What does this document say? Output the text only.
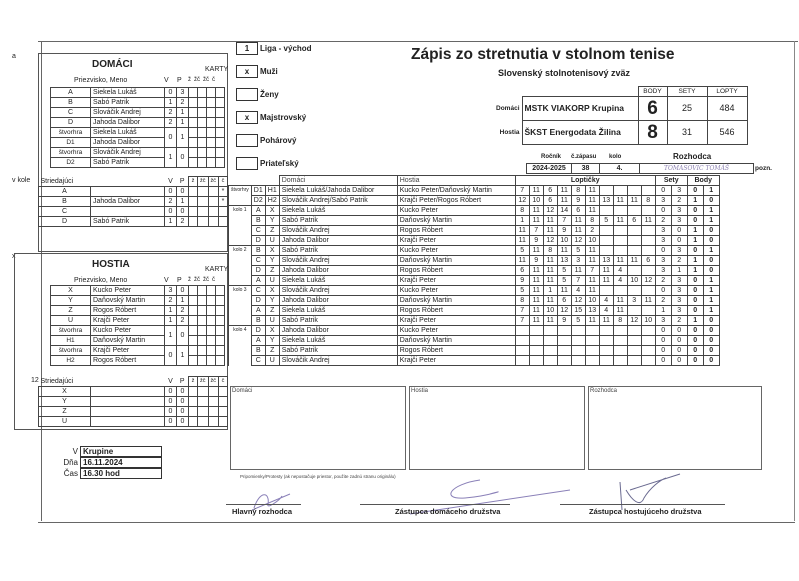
a
DOMÁCI
Priezvisko, Meno	V P
KARTY
ž žč žč č
A	Siekela Lukáš	0	3				
B	Sabó Patrik	1	2				
C	Slováčik Andrej	2	1				
D	Jahoda Dalibor	2	1				
štvorhra	Siekela Lukáš	0	1				
D1	Jahoda Dalibor						
štvorhra	Slováčik Andrej	1	0				
D2	Sabó Patrik						
v kole Striedajúci		V	P	ž	žč	žč	č
A		0	0				*
B	Jahoda Dalibor	2	1				*
C		0	0				
D	Sabó Patrik	1	2				
x
HOSTIA
Priezvisko, Meno	V P
KARTY
ž žč žč č
X	Kucko Peter	3	0				
Y	Daňovský Martin	2	1				
Z	Rogos Róbert	1	2				
U	Krajči Peter	1	2				
štvorhra	Kucko Peter	1	0				
H1	Daňovský Martin						
štvorhra	Krajči Peter	0	1				
H2	Rogos Róbert						
12 Striedajúci		V	P	ž	žč	žč	č
X		0	0				
Y		0	0				
Z		0	0				
U		0	0				
V Krupine
Dňa 16.11.2024
Čas 16.30 hod
1	Liga - východ
x	Muži
Ženy
x	Majstrovský
Pohárový
Priateľský
Zápis zo stretnutia v stolnom tenise
Slovenský stolnotenisový zväz
		BODY	SETY	LOPTY
Domáci	MSTK VIAKORP Krupina	6	25	484
Hostia	ŠKST Energodata Žilina	8	31	546
Ročník č.zápasu kolo	Rozhodca
2024-2025	38	4.	TOMASOVIC TOMÁŠ	pozn.
			Domáci	Hostia	Loptičky										Sety		Body	
štvorhry	D1	H1	Siekela Lukáš/Jahoda Dalibor	Kucko Peter/Daňovský Martin	7	11	6	11	8	11					0	3	0	1
	D2	H2	Slováčik Andrej/Sabó Patrik	Krajči Peter/Rogos Róbert	12	10	6	11	9	11	13	11	11	8	3	2	1	0
kolo 1	A	X	Siekela Lukáš	Kucko Peter	8	11	12	14	6	11					0	3	0	1
	B	Y	Sabó Patrik	Daňovský Martin	1	11	11	7	11	8	5	11	6	11	2	3	0	1
	C	Z	Slováčik Andrej	Rogos Róbert	11	7	11	9	11	2					3	0	1	0
	D	U	Jahoda Dalibor	Krajči Peter	11	9	12	10	12	10					3	0	1	0
kolo 2	B	X	Sabó Patrik	Kucko Peter	5	11	8	11	5	11					0	3	0	1
	C	Y	Slováčik Andrej	Daňovský Martin	11	9	11	13	3	11	13	11	11	6	3	2	1	0
	D	Z	Jahoda Dalibor	Rogos Róbert	6	11	11	5	11	7	11	4			3	1	1	0
	A	U	Siekela Lukáš	Krajči Peter	9	11	11	5	7	11	11	4	10	12	2	3	0	1
kolo 3	C	X	Slováčik Andrej	Kucko Peter	5	11	1	11	4	11					0	3	0	1
	D	Y	Jahoda Dalibor	Daňovský Martin	8	11	11	6	12	10	4	11	3	11	2	3	0	1
	A	Z	Siekela Lukáš	Rogos Róbert	7	11	10	12	15	13	4	11			1	3	0	1
	B	U	Sabó Patrik	Krajči Peter	7	11	11	9	5	11	11	8	12	10	3	2	1	0
kolo 4	D	X	Jahoda Dalibor	Kucko Peter											0	0	0	0
	A	Y	Siekela Lukáš	Daňovský Martin											0	0	0	0
	B	Z	Sabó Patrik	Rogos Róbert											0	0	0	0
	C	U	Slováčik Andrej	Krajči Peter											0	0	0	0
Domáci	Hostia	Rozhodca
Pripomienky/Protesty (ak nepostačuje priestor, použite zadnú stranu originálu)
Hlavný rozhodca	Zástupca domáceho družstva	Zástupca hostujúceho družstva
